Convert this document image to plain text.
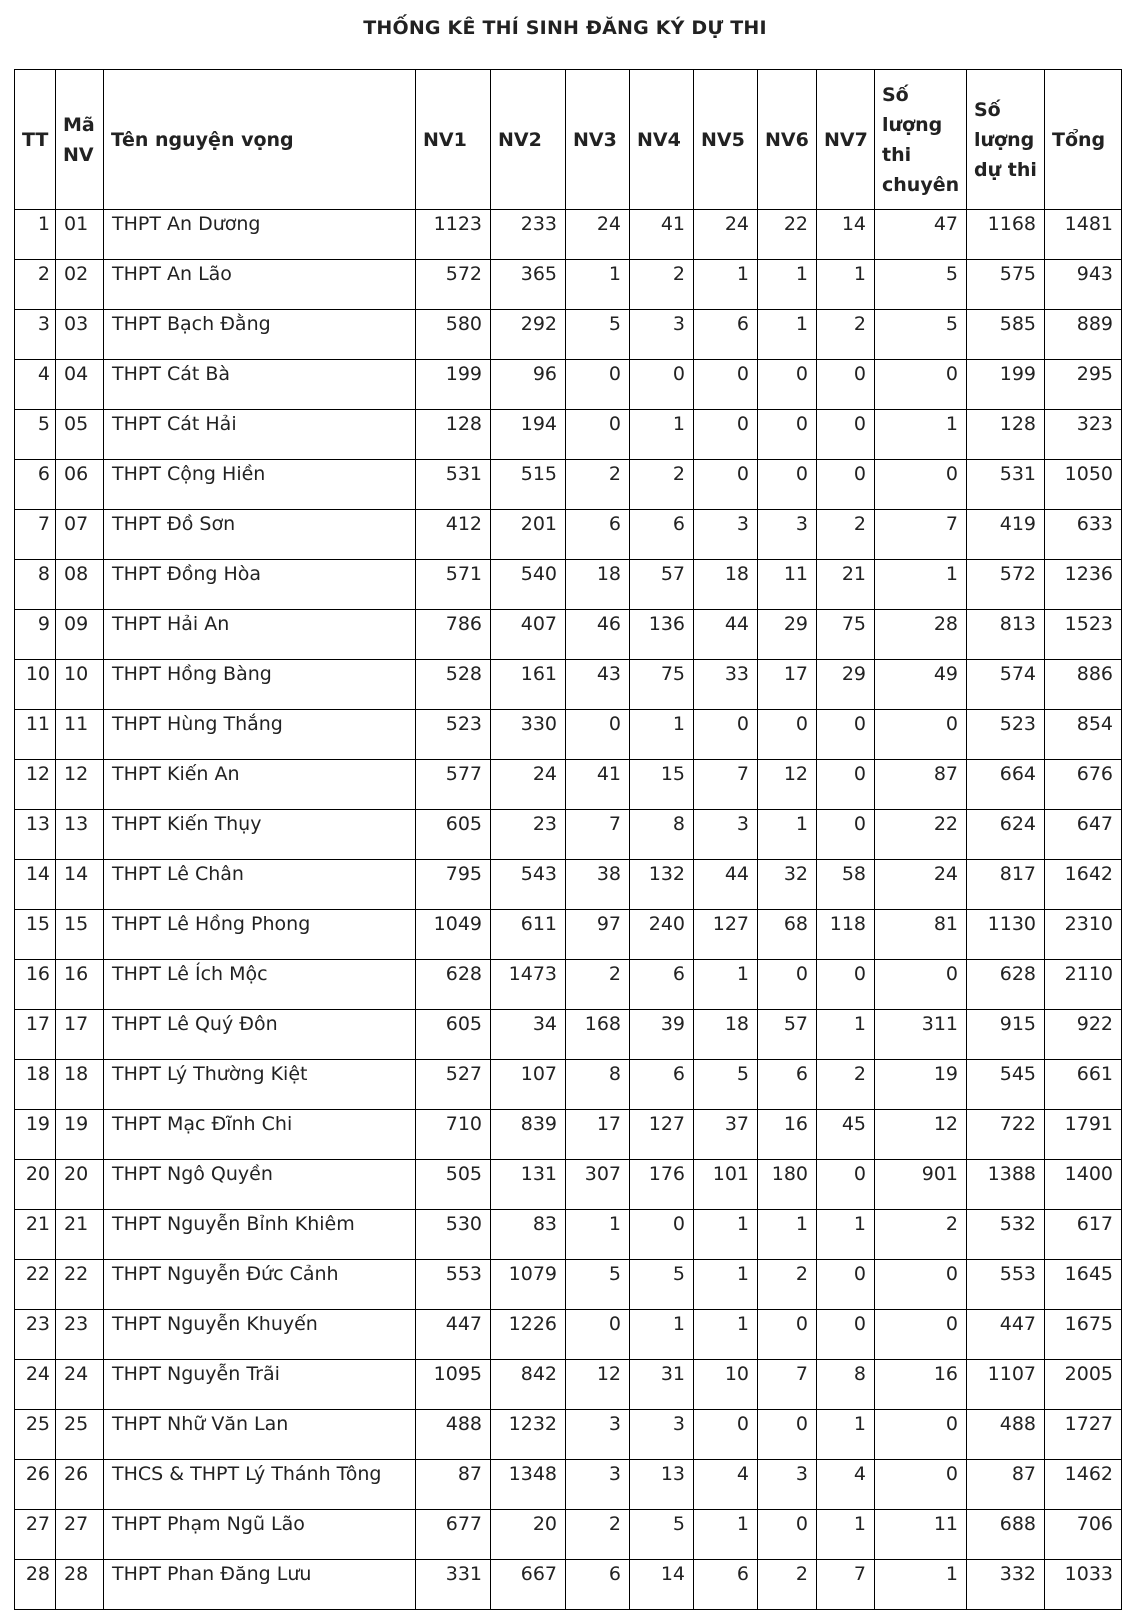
THỐNG KÊ THÍ SINH ĐĂNG KÝ DỰ THI
TT	Mã NV	Tên nguyện vọng	NV1	NV2	NV3	NV4	NV5	NV6	NV7	Số lượng thi chuyên	Số lượng dự thi	Tổng
1	01	THPT An Dương	1123	233	24	41	24	22	14	47	1168	1481
2	02	THPT An Lão	572	365	1	2	1	1	1	5	575	943
3	03	THPT Bạch Đằng	580	292	5	3	6	1	2	5	585	889
4	04	THPT Cát Bà	199	96	0	0	0	0	0	0	199	295
5	05	THPT Cát Hải	128	194	0	1	0	0	0	1	128	323
6	06	THPT Cộng Hiền	531	515	2	2	0	0	0	0	531	1050
7	07	THPT Đồ Sơn	412	201	6	6	3	3	2	7	419	633
8	08	THPT Đồng Hòa	571	540	18	57	18	11	21	1	572	1236
9	09	THPT Hải An	786	407	46	136	44	29	75	28	813	1523
10	10	THPT Hồng Bàng	528	161	43	75	33	17	29	49	574	886
11	11	THPT Hùng Thắng	523	330	0	1	0	0	0	0	523	854
12	12	THPT Kiến An	577	24	41	15	7	12	0	87	664	676
13	13	THPT Kiến Thụy	605	23	7	8	3	1	0	22	624	647
14	14	THPT Lê Chân	795	543	38	132	44	32	58	24	817	1642
15	15	THPT Lê Hồng Phong	1049	611	97	240	127	68	118	81	1130	2310
16	16	THPT Lê Ích Mộc	628	1473	2	6	1	0	0	0	628	2110
17	17	THPT Lê Quý Đôn	605	34	168	39	18	57	1	311	915	922
18	18	THPT Lý Thường Kiệt	527	107	8	6	5	6	2	19	545	661
19	19	THPT Mạc Đĩnh Chi	710	839	17	127	37	16	45	12	722	1791
20	20	THPT Ngô Quyền	505	131	307	176	101	180	0	901	1388	1400
21	21	THPT Nguyễn Bỉnh Khiêm	530	83	1	0	1	1	1	2	532	617
22	22	THPT Nguyễn Đức Cảnh	553	1079	5	5	1	2	0	0	553	1645
23	23	THPT Nguyễn Khuyến	447	1226	0	1	1	0	0	0	447	1675
24	24	THPT Nguyễn Trãi	1095	842	12	31	10	7	8	16	1107	2005
25	25	THPT Nhữ Văn Lan	488	1232	3	3	0	0	1	0	488	1727
26	26	THCS & THPT Lý Thánh Tông	87	1348	3	13	4	3	4	0	87	1462
27	27	THPT Phạm Ngũ Lão	677	20	2	5	1	0	1	11	688	706
28	28	THPT Phan Đăng Lưu	331	667	6	14	6	2	7	1	332	1033
